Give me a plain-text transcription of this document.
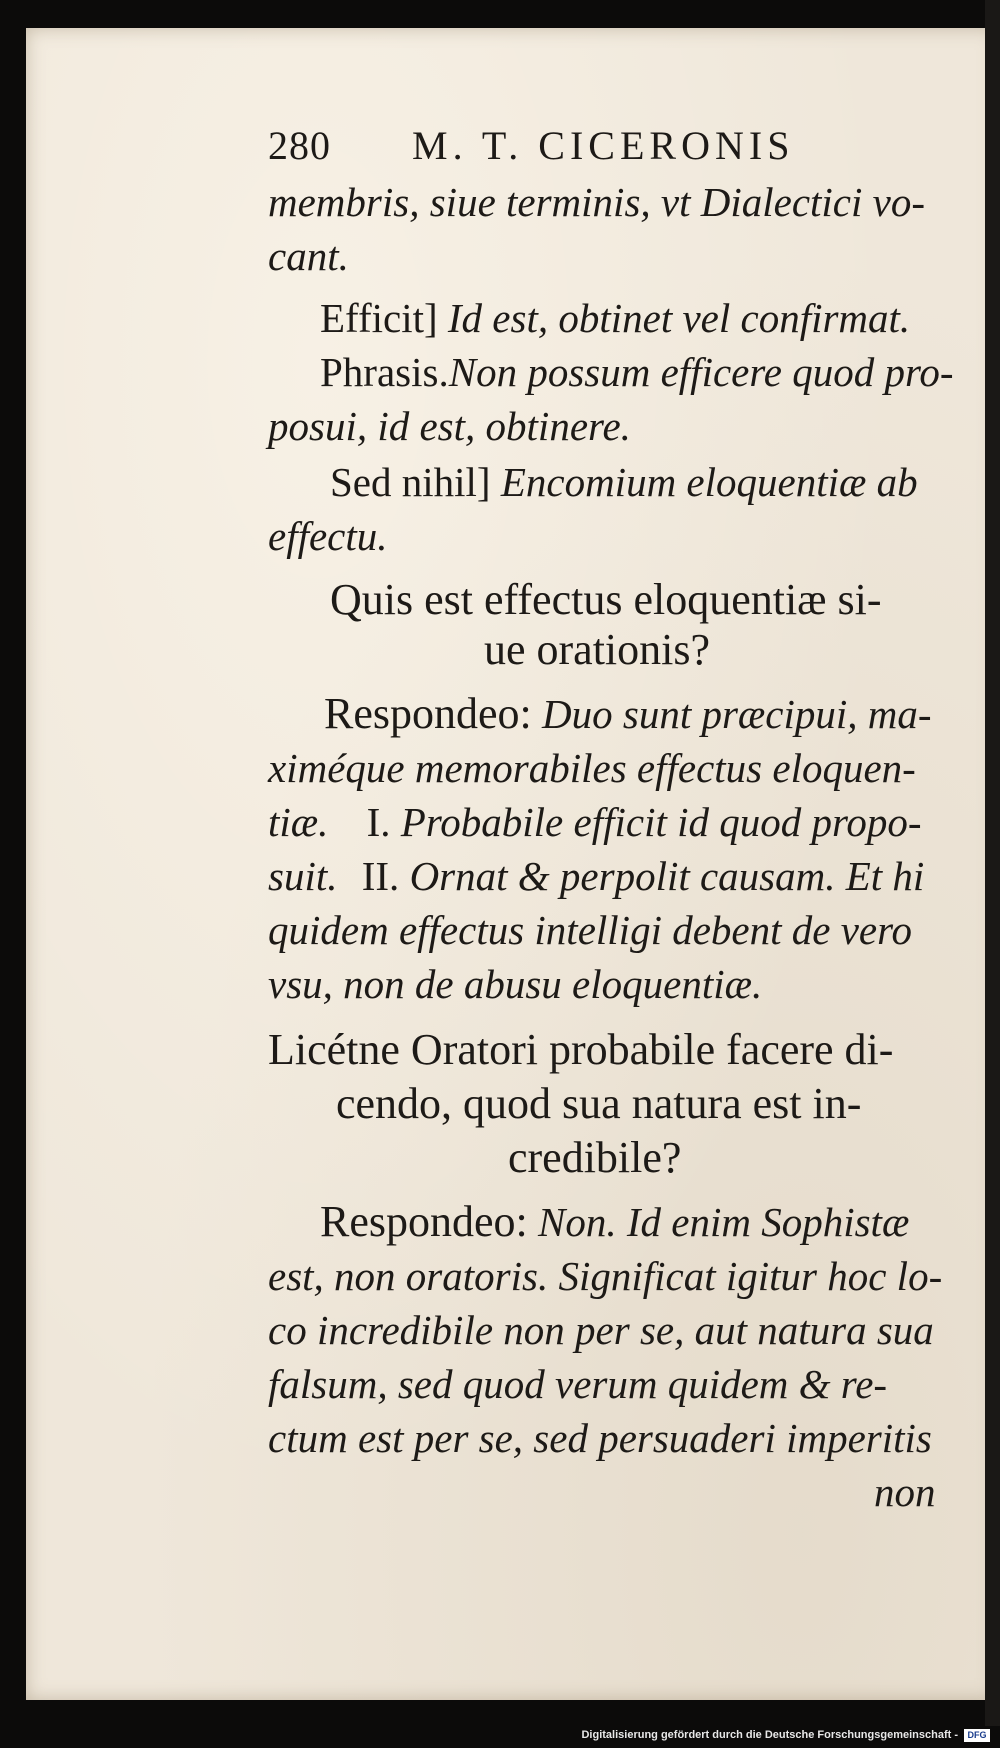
280 M. T. CICERONIS
membris, siue terminis, vt Dialectici vo-
cant.
Efficit] Id est, obtinet vel confirmat.
Phrasis.Non possum efficere quod pro-
posui, id est, obtinere.
Sed nihil] Encomium eloquentiæ ab
effectu.
Quis est effectus eloquentiæ si-
ue orationis?
Respondeo: Duo sunt præcipui, ma-
ximéque memorabiles effectus eloquen-
tiæ. I. Probabile efficit id quod propo-
suit. II. Ornat & perpolit causam. Et hi
quidem effectus intelligi debent de vero
vsu, non de abusu eloquentiæ.
Licétne Oratori probabile facere di-
cendo, quod sua natura est in-
credibile?
Respondeo: Non. Id enim Sophistæ
est, non oratoris. Significat igitur hoc lo-
co incredibile non per se, aut natura sua
falsum, sed quod verum quidem & re-
ctum est per se, sed persuaderi imperitis
non
Digitalisierung gefördert durch die Deutsche Forschungsgemeinschaft -	DFG
